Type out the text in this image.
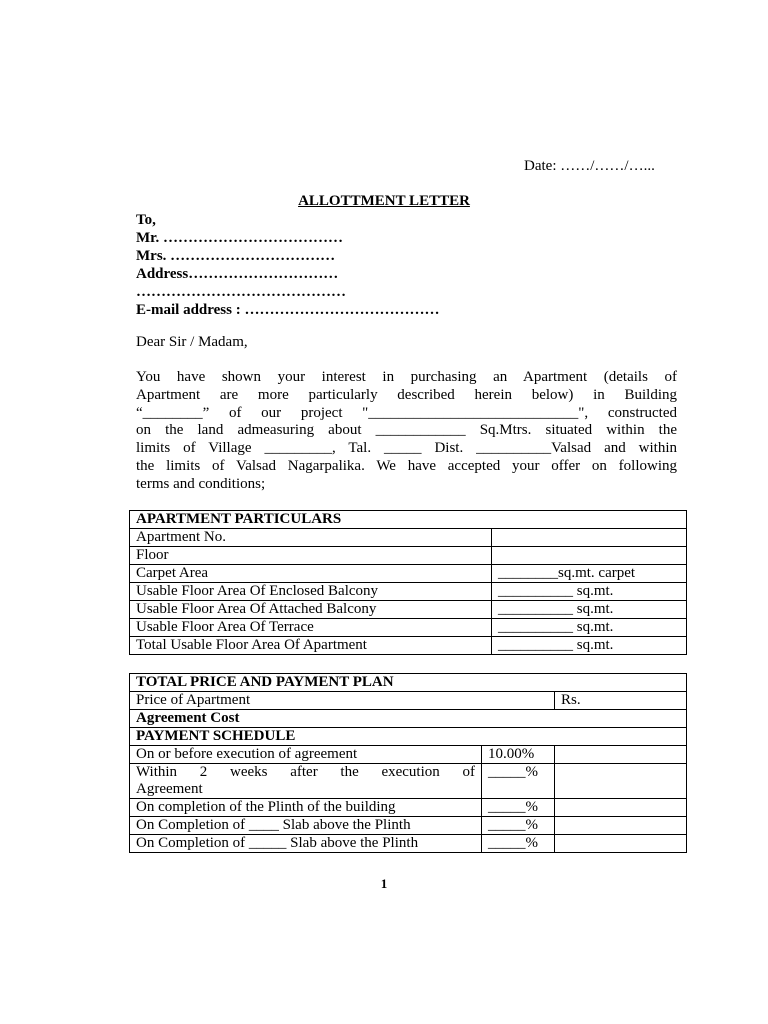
Date: ……/……/…...
ALLOTTMENT LETTER
To,
Mr. ………………………………
Mrs. ……………………………
Address…………………………
……………………………………
E-mail address : …………………………………
Dear Sir / Madam,
You have shown your interest in purchasing an Apartment (details of
Apartment are more particularly described herein below) in Building
“________” of our project "____________________________", constructed
on the land admeasuring about ____________ Sq.Mtrs. situated within the
limits of Village _________, Tal. _____ Dist. __________Valsad and within
the limits of Valsad Nagarpalika. We have accepted your offer on following
terms and conditions;
APARTMENT PARTICULARS	
Apartment No.	
Floor	
Carpet Area	________sq.mt. carpet
Usable Floor Area Of Enclosed Balcony	__________ sq.mt.
Usable Floor Area Of Attached Balcony	__________ sq.mt.
Usable Floor Area Of Terrace	__________ sq.mt.
Total Usable Floor Area Of Apartment	__________ sq.mt.
TOTAL PRICE AND PAYMENT PLAN		
Price of Apartment		Rs.
Agreement Cost		
PAYMENT SCHEDULE		
On or before execution of agreement	10.00%	

Within 2 weeks after the execution of
Agreement	_____%	
On completion of the Plinth of the building	_____%	
On Completion of ____ Slab above the Plinth	_____%	
On Completion of _____ Slab above the Plinth	_____%	
1
